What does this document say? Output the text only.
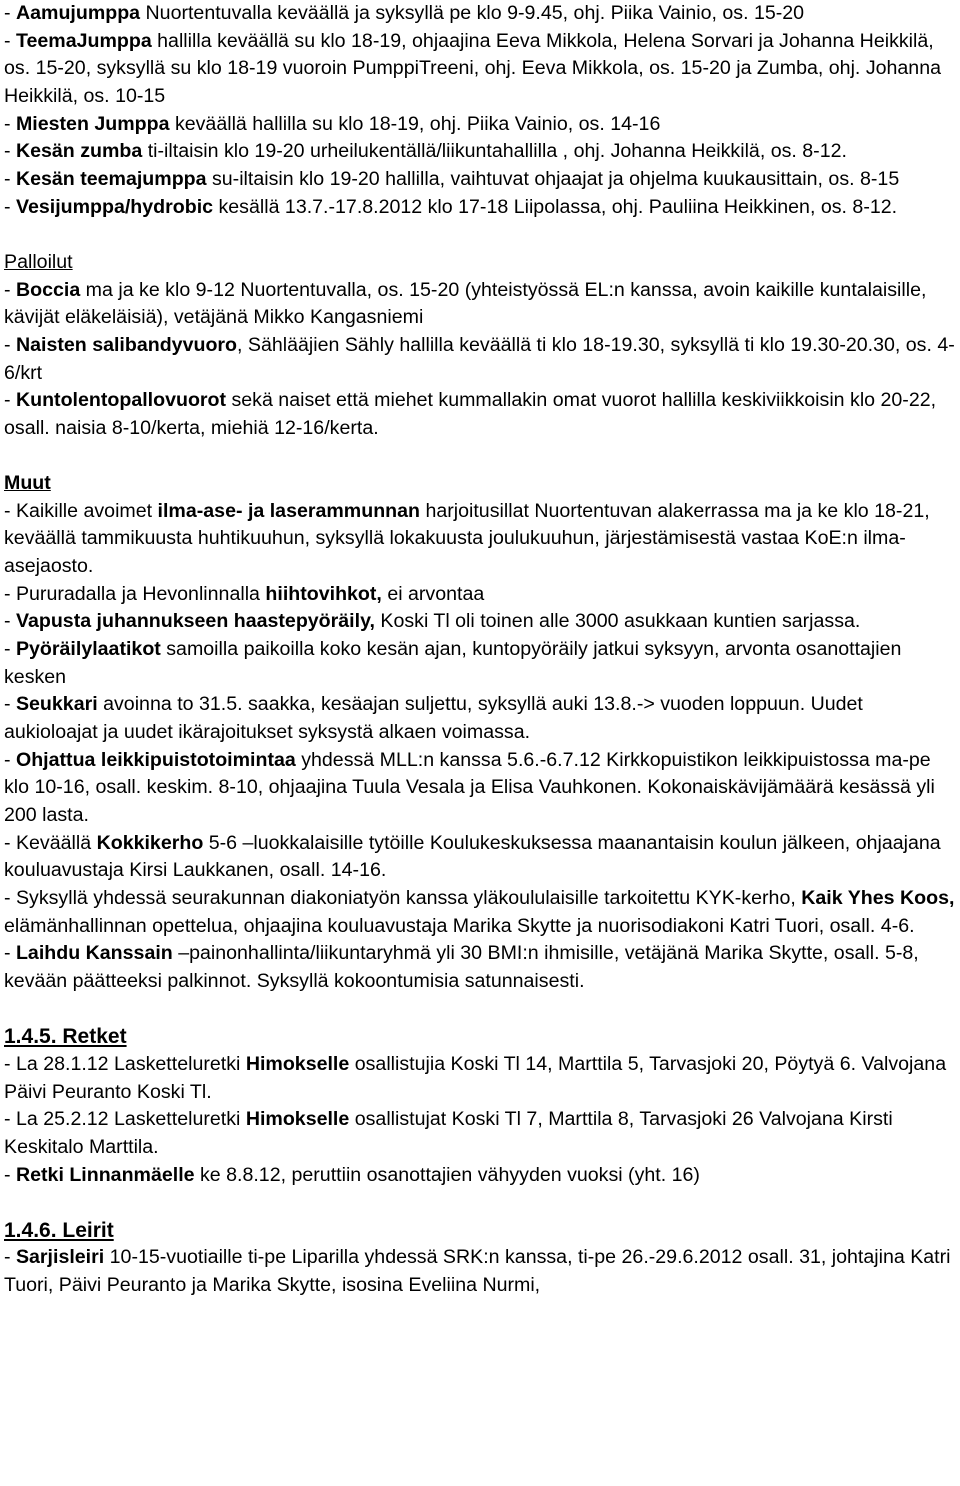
- Aamujumppa Nuortentuvalla keväällä ja syksyllä pe klo 9-9.45, ohj. Piika Vainio, os. 15-20

- TeemaJumppa hallilla keväällä su klo 18-19, ohjaajina Eeva Mikkola, Helena Sorvari ja Johanna Heikkilä, os. 15-20, syksyllä su klo 18-19 vuoroin PumppiTreeni, ohj. Eeva Mikkola, os. 15-20 ja Zumba, ohj. Johanna Heikkilä, os. 10-15

- Miesten Jumppa keväällä hallilla su klo 18-19, ohj. Piika Vainio, os. 14-16

- Kesän zumba ti-iltaisin klo 19-20 urheilukentällä/liikuntahallilla , ohj. Johanna Heikkilä, os. 8-12.

- Kesän teemajumppa su-iltaisin klo 19-20 hallilla, vaihtuvat ohjaajat ja ohjelma kuukausittain, os. 8-15

- Vesijumppa/hydrobic kesällä 13.7.-17.8.2012 klo 17-18 Liipolassa, ohj. Pauliina Heikkinen, os. 8-12.

Palloilut

- Boccia ma ja ke klo 9-12 Nuortentuvalla, os. 15-20 (yhteistyössä EL:n kanssa, avoin kaikille kuntalaisille, kävijät eläkeläisiä), vetäjänä Mikko Kangasniemi

- Naisten salibandyvuoro, Sählääjien Sähly hallilla keväällä ti klo 18-19.30, syksyllä ti klo 19.30-20.30, os. 4-6/krt

- Kuntolentopallovuorot sekä naiset että miehet kummallakin omat vuorot hallilla keskiviikkoisin klo 20-22, osall. naisia 8-10/kerta, miehiä 12-16/kerta.

Muut

- Kaikille avoimet ilma-ase- ja laserammunnan harjoitusillat Nuortentuvan alakerrassa ma ja ke klo 18-21, keväällä tammikuusta huhtikuuhun, syksyllä lokakuusta joulukuuhun, järjestämisestä vastaa KoE:n ilma-asejaosto.

- Pururadalla ja Hevonlinnalla hiihtovihkot, ei arvontaa

- Vapusta juhannukseen haastepyöräily, Koski Tl oli toinen alle 3000 asukkaan kuntien sarjassa.

- Pyöräilylaatikot samoilla paikoilla koko kesän ajan, kuntopyöräily jatkui syksyyn, arvonta osanottajien kesken

- Seukkari avoinna to 31.5. saakka, kesäajan suljettu, syksyllä auki 13.8.-> vuoden loppuun. Uudet aukioloajat ja uudet ikärajoitukset syksystä alkaen voimassa.

- Ohjattua leikkipuistotoimintaa yhdessä MLL:n kanssa 5.6.-6.7.12 Kirkkopuistikon leikkipuistossa ma-pe klo 10-16, osall. keskim. 8-10, ohjaajina Tuula Vesala ja Elisa Vauhkonen. Kokonaiskävijämäärä kesässä yli 200 lasta.

- Keväällä Kokkikerho 5-6 –luokkalaisille tytöille Koulukeskuksessa maanantaisin koulun jälkeen, ohjaajana kouluavustaja Kirsi Laukkanen, osall. 14-16.

- Syksyllä yhdessä seurakunnan diakoniatyön kanssa yläkoululaisille tarkoitettu KYK-kerho, Kaik Yhes Koos, elämänhallinnan opettelua, ohjaajina kouluavustaja Marika Skytte ja nuorisodiakoni Katri Tuori, osall. 4-6.

- Laihdu Kanssain –painonhallinta/liikuntaryhmä yli 30 BMI:n ihmisille, vetäjänä Marika Skytte, osall. 5-8, kevään päätteeksi palkinnot. Syksyllä kokoontumisia satunnaisesti.

1.4.5. Retket

- La 28.1.12 Lasketteluretki Himokselle osallistujia Koski Tl 14, Marttila 5, Tarvasjoki 20, Pöytyä 6. Valvojana Päivi Peuranto Koski Tl.

- La 25.2.12 Lasketteluretki Himokselle osallistujat Koski Tl 7, Marttila 8, Tarvasjoki 26 Valvojana Kirsti Keskitalo Marttila.

- Retki Linnanmäelle ke 8.8.12, peruttiin osanottajien vähyyden vuoksi (yht. 16)

1.4.6. Leirit

- Sarjisleiri 10-15-vuotiaille ti-pe Liparilla yhdessä SRK:n kanssa, ti-pe 26.-29.6.2012 osall. 31, johtajina Katri Tuori, Päivi Peuranto ja Marika Skytte, isosina Eveliina Nurmi,
